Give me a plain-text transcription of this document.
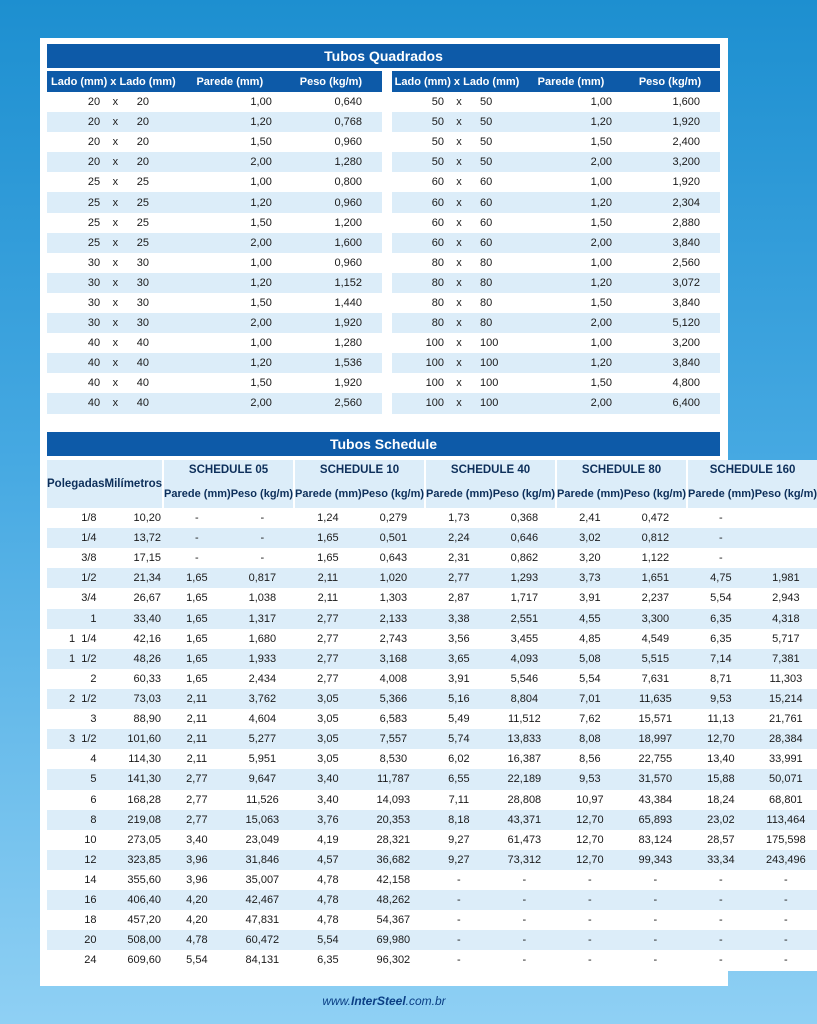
Tubos Quadrados
Lado (mm) x Lado (mm)			Parede (mm)	Peso (kg/m)
20	x	20	1,00	0,640
20	x	20	1,20	0,768
20	x	20	1,50	0,960
20	x	20	2,00	1,280
25	x	25	1,00	0,800
25	x	25	1,20	0,960
25	x	25	1,50	1,200
25	x	25	2,00	1,600
30	x	30	1,00	0,960
30	x	30	1,20	1,152
30	x	30	1,50	1,440
30	x	30	2,00	1,920
40	x	40	1,00	1,280
40	x	40	1,20	1,536
40	x	40	1,50	1,920
40	x	40	2,00	2,560
Lado (mm) x Lado (mm)			Parede (mm)	Peso (kg/m)
50	x	50	1,00	1,600
50	x	50	1,20	1,920
50	x	50	1,50	2,400
50	x	50	2,00	3,200
60	x	60	1,00	1,920
60	x	60	1,20	2,304
60	x	60	1,50	2,880
60	x	60	2,00	3,840
80	x	80	1,00	2,560
80	x	80	1,20	3,072
80	x	80	1,50	3,840
80	x	80	2,00	5,120
100	x	100	1,00	3,200
100	x	100	1,20	3,840
100	x	100	1,50	4,800
100	x	100	2,00	6,400
Tubos Schedule
Polegadas	Milímetros	SCHEDULE 05		SCHEDULE 10		SCHEDULE 40		SCHEDULE 80		SCHEDULE 160	
		Parede (mm)	Peso (kg/m)	Parede (mm)	Peso (kg/m)	Parede (mm)	Peso (kg/m)	Parede (mm)	Peso (kg/m)	Parede (mm)	Peso (kg/m)
1/8	10,20	-	-	1,24	0,279	1,73	0,368	2,41	0,472	-	
1/4	13,72	-	-	1,65	0,501	2,24	0,646	3,02	0,812	-	
3/8	17,15	-	-	1,65	0,643	2,31	0,862	3,20	1,122	-	
1/2	21,34	1,65	0,817	2,11	1,020	2,77	1,293	3,73	1,651	4,75	1,981
3/4	26,67	1,65	1,038	2,11	1,303	2,87	1,717	3,91	2,237	5,54	2,943
1	33,40	1,65	1,317	2,77	2,133	3,38	2,551	4,55	3,300	6,35	4,318
1  1/4	42,16	1,65	1,680	2,77	2,743	3,56	3,455	4,85	4,549	6,35	5,717
1  1/2	48,26	1,65	1,933	2,77	3,168	3,65	4,093	5,08	5,515	7,14	7,381
2	60,33	1,65	2,434	2,77	4,008	3,91	5,546	5,54	7,631	8,71	11,303
2  1/2	73,03	2,11	3,762	3,05	5,366	5,16	8,804	7,01	11,635	9,53	15,214
3	88,90	2,11	4,604	3,05	6,583	5,49	11,512	7,62	15,571	11,13	21,761
3  1/2	101,60	2,11	5,277	3,05	7,557	5,74	13,833	8,08	18,997	12,70	28,384
4	114,30	2,11	5,951	3,05	8,530	6,02	16,387	8,56	22,755	13,40	33,991
5	141,30	2,77	9,647	3,40	11,787	6,55	22,189	9,53	31,570	15,88	50,071
6	168,28	2,77	11,526	3,40	14,093	7,11	28,808	10,97	43,384	18,24	68,801
8	219,08	2,77	15,063	3,76	20,353	8,18	43,371	12,70	65,893	23,02	113,464
10	273,05	3,40	23,049	4,19	28,321	9,27	61,473	12,70	83,124	28,57	175,598
12	323,85	3,96	31,846	4,57	36,682	9,27	73,312	12,70	99,343	33,34	243,496
14	355,60	3,96	35,007	4,78	42,158	-	-	-	-	-	-
16	406,40	4,20	42,467	4,78	48,262	-	-	-	-	-	-
18	457,20	4,20	47,831	4,78	54,367	-	-	-	-	-	-
20	508,00	4,78	60,472	5,54	69,980	-	-	-	-	-	-
24	609,60	5,54	84,131	6,35	96,302	-	-	-	-	-	-
www.InterSteel.com.br
